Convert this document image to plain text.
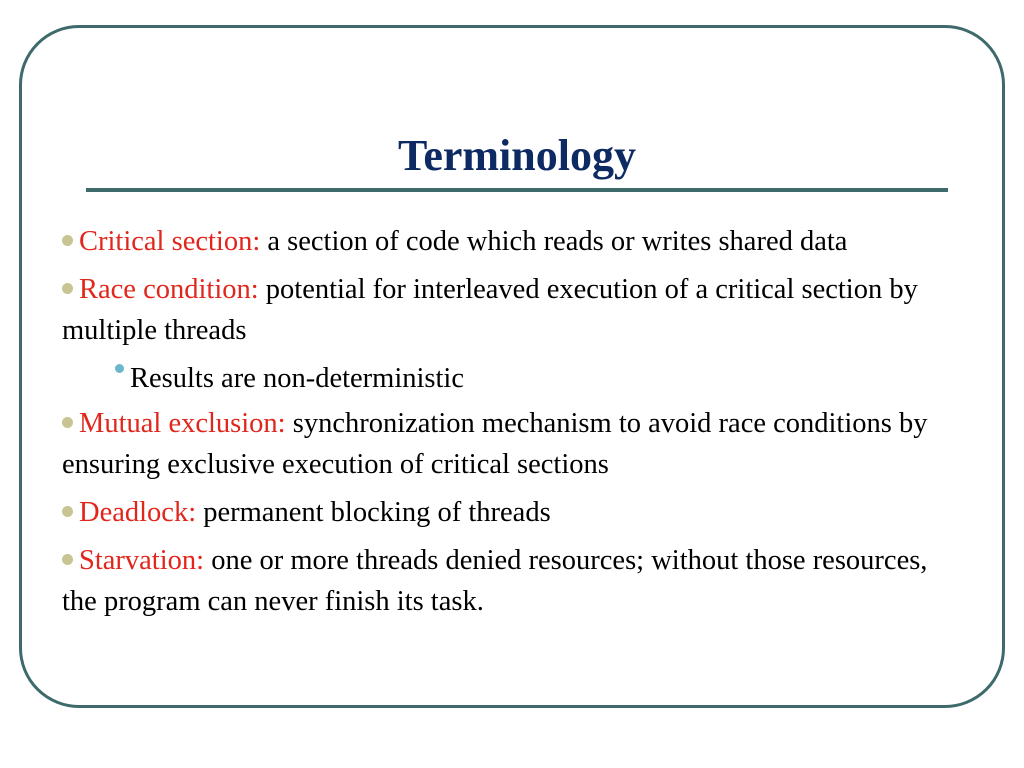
Terminology
Critical section: a section of code which reads or writes shared data
Race condition: potential for interleaved execution of a critical section by multiple threads
Results are non-deterministic
Mutual exclusion: synchronization mechanism to avoid race conditions by ensuring exclusive execution of critical sections
Deadlock: permanent blocking of threads
Starvation: one or more threads denied resources; without those resources, the program can never finish its task.
